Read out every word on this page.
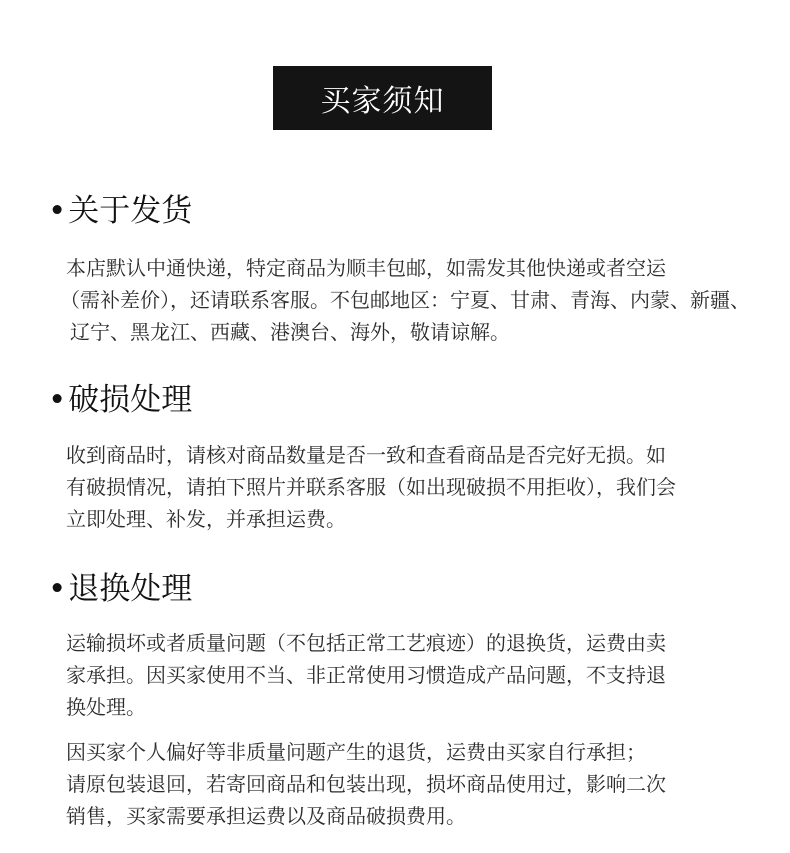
买家须知
•关于发货
本店默认中通快递，特定商品为顺丰包邮，如需发其他快递或者空运
（需补差价），还请联系客服。不包邮地区：宁夏、甘肃、青海、内蒙、新疆、
辽宁、黑龙江、西藏、港澳台、海外，敬请谅解。
•破损处理
收到商品时，请核对商品数量是否一致和查看商品是否完好无损。如
有破损情况，请拍下照片并联系客服（如出现破损不用拒收），我们会
立即处理、补发，并承担运费。
•退换处理
运输损坏或者质量问题（不包括正常工艺痕迹）的退换货，运费由卖
家承担。因买家使用不当、非正常使用习惯造成产品问题，不支持退
换处理。
因买家个人偏好等非质量问题产生的退货，运费由买家自行承担；
请原包装退回，若寄回商品和包装出现，损坏商品使用过，影响二次
销售，买家需要承担运费以及商品破损费用。
